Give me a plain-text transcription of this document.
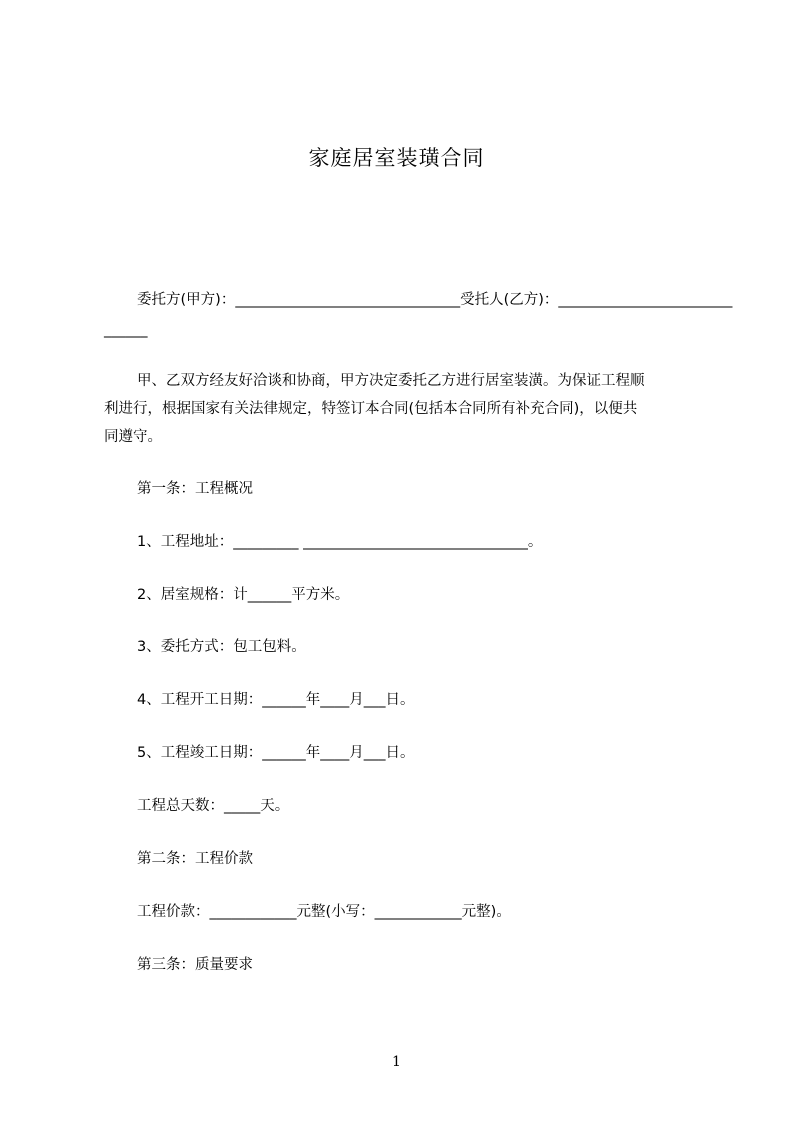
家庭居室装璜合同
委托方(甲方)：_______________________________受托人(乙方)：________________________
______
甲、乙双方经友好洽谈和协商，甲方决定委托乙方进行居室装潢。为保证工程顺
利进行，根据国家有关法律规定，特签订本合同(包括本合同所有补充合同)，以便共
同遵守。
第一条：工程概况
1、工程地址：_________ _______________________________。
2、居室规格：计______平方米。
3、委托方式：包工包料。
4、工程开工日期：______年____月___日。
5、工程竣工日期：______年____月___日。
工程总天数：_____天。
第二条：工程价款
工程价款：____________元整(小写：____________元整)。
第三条：质量要求
1
